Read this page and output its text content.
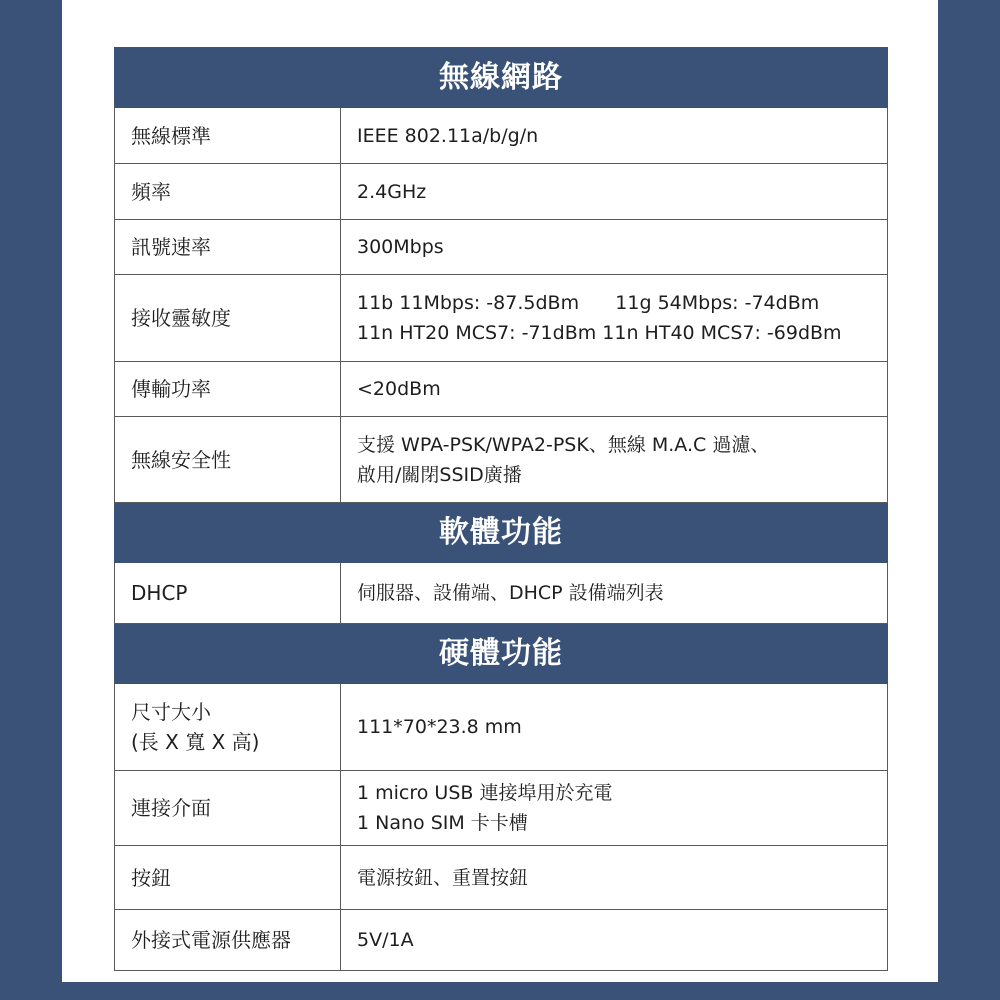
無線網路	
無線標準	IEEE 802.11a/b/g/n
頻率	2.4GHz
訊號速率	300Mbps
接收靈敏度	11b 11Mbps: -87.5dBm      11g 54Mbps: -74dBm
11n HT20 MCS7: -71dBm 11n HT40 MCS7: -69dBm

傳輸功率	<20dBm
無線安全性	支援 WPA-PSK/WPA2-PSK、無線 M.A.C 過濾、
啟用/關閉SSID廣播

軟體功能	
DHCP	伺服器、設備端、DHCP 設備端列表
硬體功能	

尺寸大小
(長 X 寬 X 高)	111*70*23.8 mm
連接介面	1 micro USB 連接埠用於充電
1 Nano SIM 卡卡槽

按鈕	電源按鈕、重置按鈕
外接式電源供應器	5V/1A
